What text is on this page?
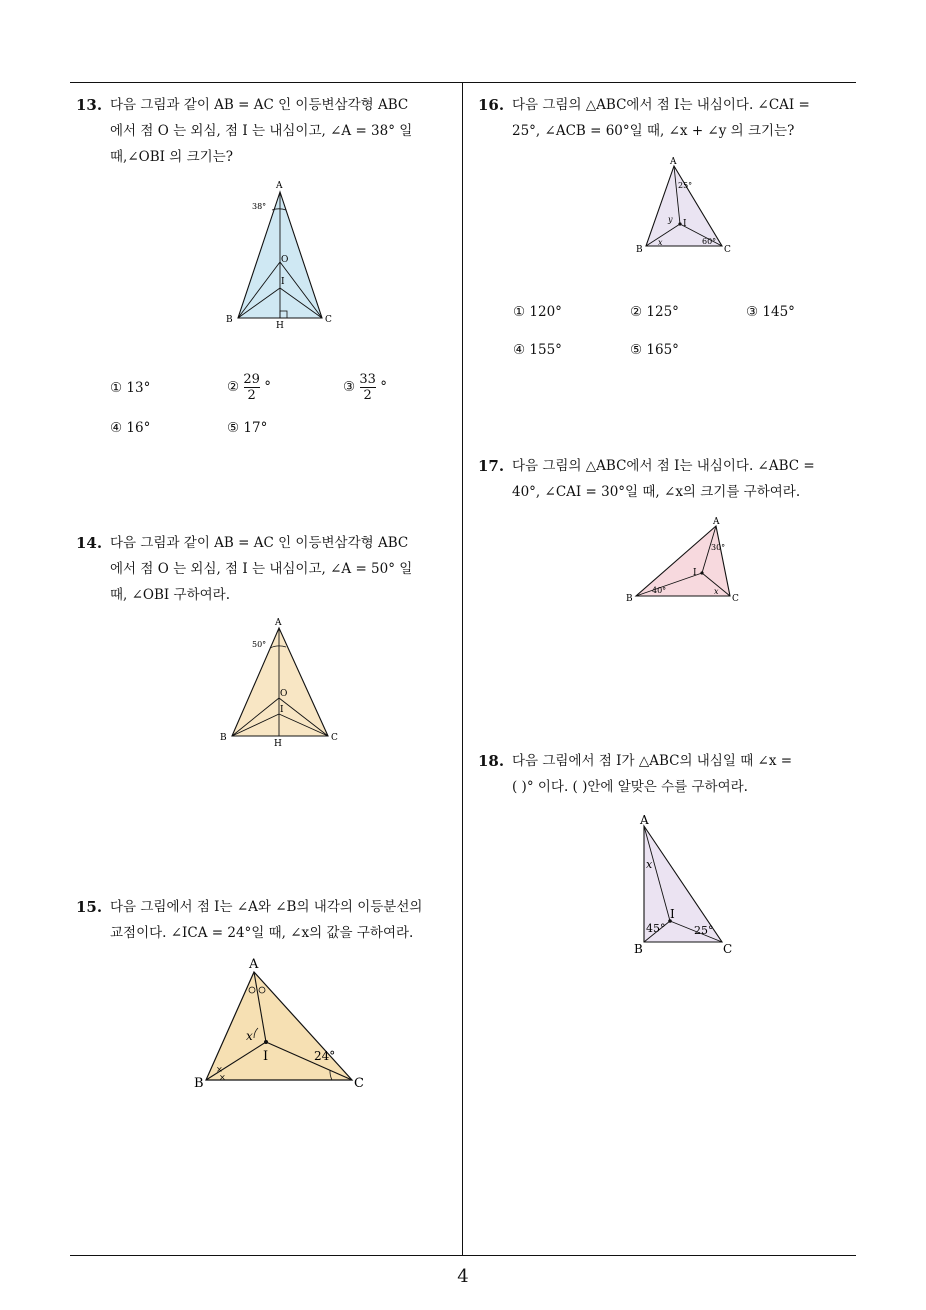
13. 다음 그림과 같이 AB = AC 인 이등변삼각형 ABC
에서 점 O 는 외심, 점 I 는 내심이고, ∠A = 38° 일
때,∠OBI 의 크기는?
A
B	C
O
I
H
38°
① 13°	② $\frac{29}{2}$ °	③ $\frac{33}{2}$ °
④ 16°	⑤ 17°
14. 다음 그림과 같이 AB = AC 인 이등변삼각형 ABC
에서 점 O 는 외심, 점 I 는 내심이고, ∠A = 50° 일
때, ∠OBI 구하여라.
A
B	C
O
I
H
50°
15. 다음 그림에서 점 I는 ∠A와 ∠B의 내각의 이등분선의
교점이다. ∠ICA = 24°일 때, ∠x의 값을 구하여라.
×
×
A
B	C
I
x
24°
16. 다음 그림의 △ABC에서 점 I는 내심이다. ∠CAI =
25°, ∠ACB = 60°일 때, ∠x + ∠y 의 크기는?
A
B	C
I
x
y
25°
60°
① 120°	② 125°	③ 145°
④ 155°	⑤ 165°
17. 다음 그림의 △ABC에서 점 I는 내심이다. ∠ABC =
40°, ∠CAI = 30°일 때, ∠x의 크기를 구하여라.
A
B	C
I
x
30°
40°
18. 다음 그림에서 점 I가 △ABC의 내심일 때 ∠x =
( )° 이다. ( )안에 알맞은 수를 구하여라.
A
B	C
I
x
45°	25°
4
